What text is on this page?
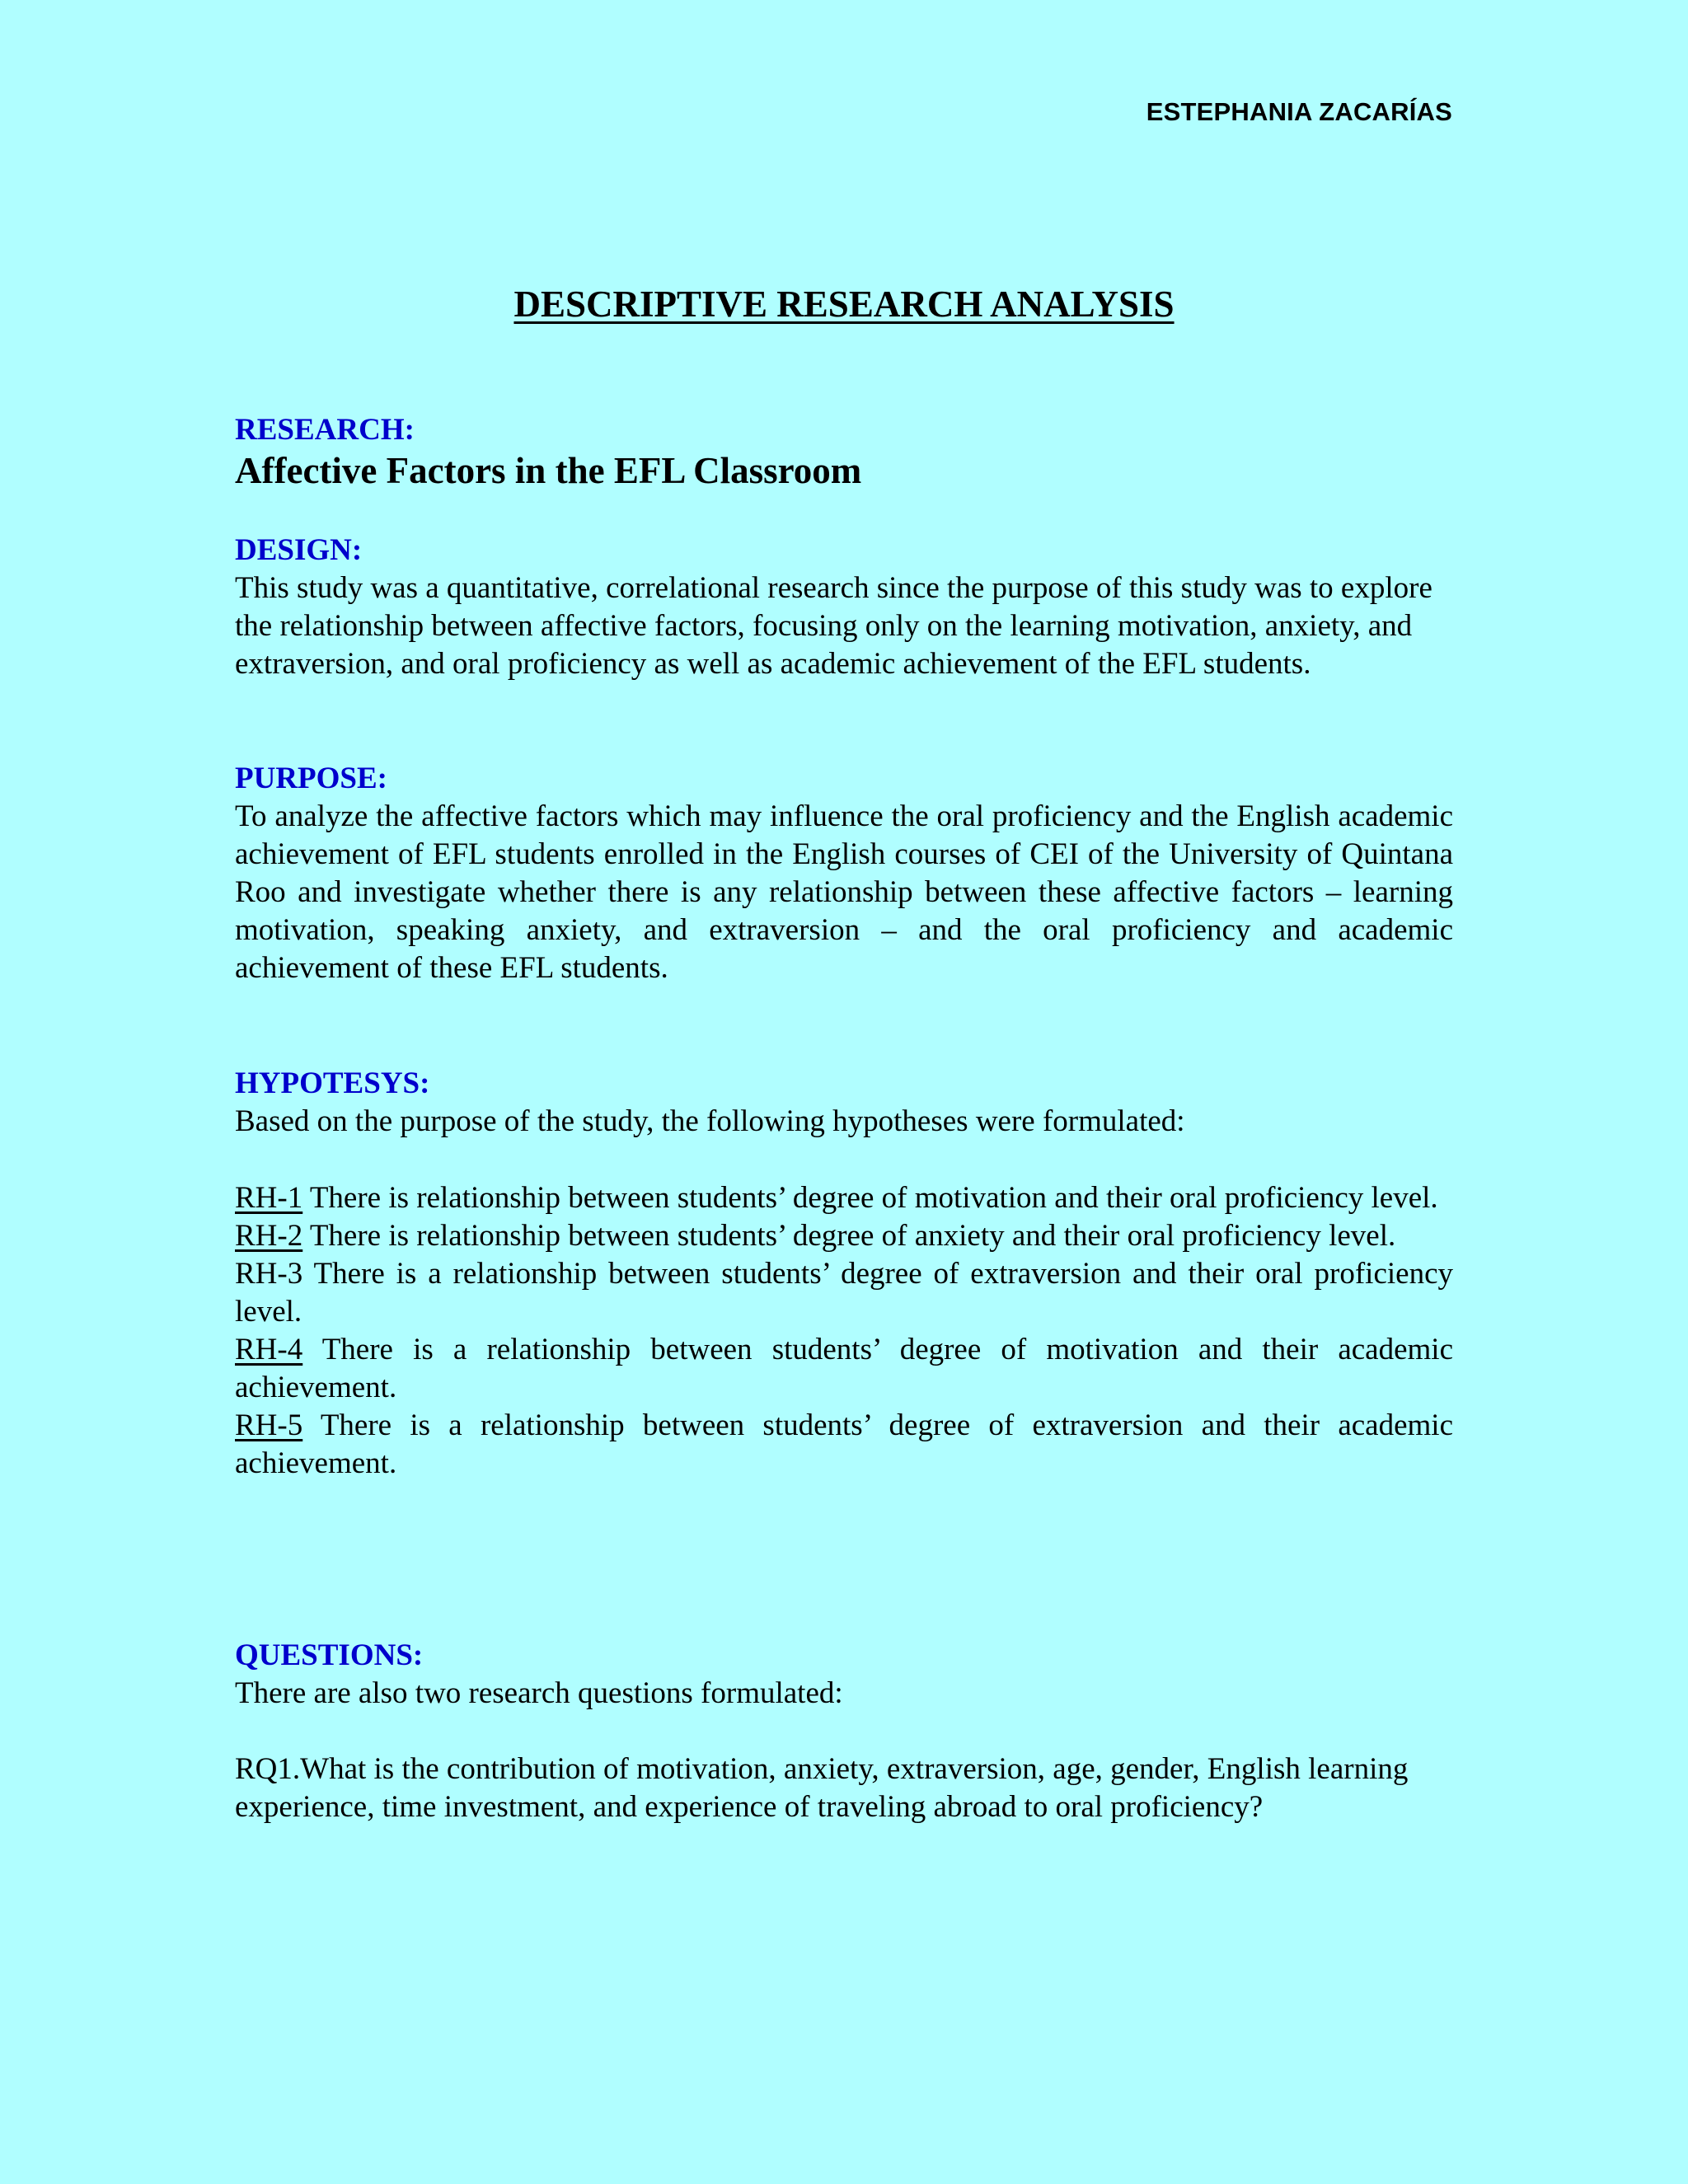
ESTEPHANIA ZACARÍAS
DESCRIPTIVE RESEARCH ANALYSIS
RESEARCH:
Affective Factors in the EFL Classroom
DESIGN:

This study was a quantitative, correlational research since the purpose of this study was to explore the relationship between affective factors, focusing only on the learning motivation, anxiety, and extraversion, and oral proficiency as well as academic achievement of the EFL students.

PURPOSE:

To analyze the affective factors which may influence the oral proficiency and the English academic achievement of EFL students enrolled in the English courses of CEI of the University of Quintana Roo and investigate whether there is any relationship between these affective factors – learning motivation, speaking anxiety, and extraversion – and the oral proficiency and academic achievement of these EFL students.

HYPOTESYS:

Based on the purpose of the study, the following hypotheses were formulated:

RH-1 There is relationship between students’ degree of motivation and their oral proficiency level.

RH-2 There is relationship between students’ degree of anxiety and their oral proficiency level.

RH-3 There is a relationship between students’ degree of extraversion and their oral proficiency level.

RH-4 There is a relationship between students’ degree of motivation and their academic achievement.

RH-5 There is a relationship between students’ degree of extraversion and their academic achievement.

QUESTIONS:

There are also two research questions formulated:

RQ1.What is the contribution of motivation, anxiety, extraversion, age, gender, English learning experience, time investment, and experience of traveling abroad to oral proficiency?
